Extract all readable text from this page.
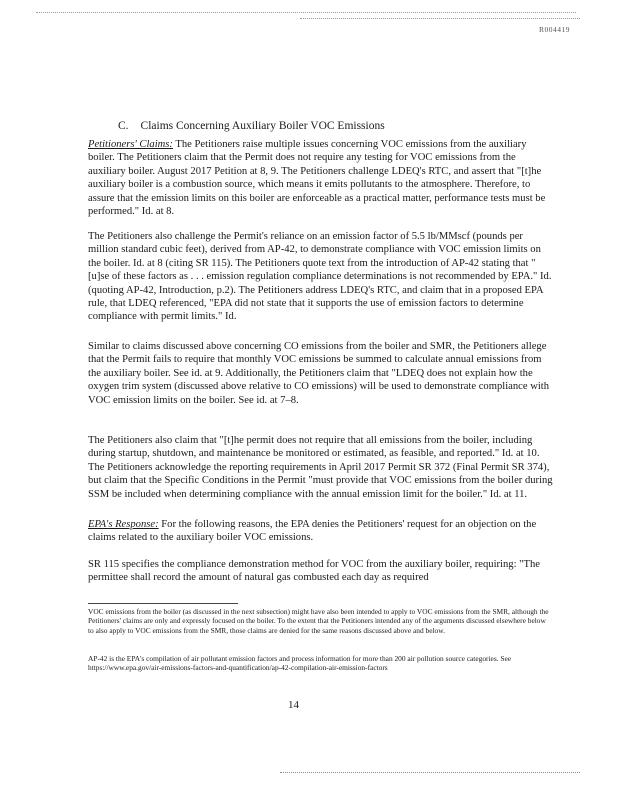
R004419
C. Claims Concerning Auxiliary Boiler VOC Emissions

Petitioners' Claims: The Petitioners raise multiple issues concerning VOC emissions from the auxiliary boiler. The Petitioners claim that the Permit does not require any testing for VOC emissions from the auxiliary boiler. August 2017 Petition at 8, 9. The Petitioners challenge LDEQ's RTC, and assert that "[t]he auxiliary boiler is a combustion source, which means it emits pollutants to the atmosphere. Therefore, to assure that the emission limits on this boiler are enforceable as a practical matter, performance tests must be performed." Id. at 8.

The Petitioners also challenge the Permit's reliance on an emission factor of 5.5 lb/MMscf (pounds per million standard cubic feet), derived from AP-42, to demonstrate compliance with VOC emission limits on the boiler. Id. at 8 (citing SR 115). The Petitioners quote text from the introduction of AP-42 stating that "[u]se of these factors as . . . emission regulation compliance determinations is not recommended by EPA." Id. (quoting AP-42, Introduction, p.2). The Petitioners address LDEQ's RTC, and claim that in a proposed EPA rule, that LDEQ referenced, "EPA did not state that it supports the use of emission factors to determine compliance with permit limits." Id.

Similar to claims discussed above concerning CO emissions from the boiler and SMR, the Petitioners allege that the Permit fails to require that monthly VOC emissions be summed to calculate annual emissions from the auxiliary boiler. See id. at 9. Additionally, the Petitioners claim that "LDEQ does not explain how the oxygen trim system (discussed above relative to CO emissions) will be used to demonstrate compliance with VOC emission limits on the boiler. See id. at 7–8.

The Petitioners also claim that "[t]he permit does not require that all emissions from the boiler, including during startup, shutdown, and maintenance be monitored or estimated, as feasible, and reported." Id. at 10. The Petitioners acknowledge the reporting requirements in April 2017 Permit SR 372 (Final Permit SR 374), but claim that the Specific Conditions in the Permit "must provide that VOC emissions from the boiler during SSM be included when determining compliance with the annual emission limit for the boiler." Id. at 11.

EPA's Response: For the following reasons, the EPA denies the Petitioners' request for an objection on the claims related to the auxiliary boiler VOC emissions.

SR 115 specifies the compliance demonstration method for VOC from the auxiliary boiler, requiring: "The permittee shall record the amount of natural gas combusted each day as required

VOC emissions from the boiler (as discussed in the next subsection) might have also been intended to apply to VOC emissions from the SMR, although the Petitioners' claims are only and expressly focused on the boiler. To the extent that the Petitioners intended any of the arguments discussed elsewhere below to also apply to VOC emissions from the SMR, those claims are denied for the same reasons discussed above and below.

AP-42 is the EPA's compilation of air pollutant emission factors and process information for more than 200 air pollution source categories. See https://www.epa.gov/air-emissions-factors-and-quantification/ap-42-compilation-air-emission-factors

14
